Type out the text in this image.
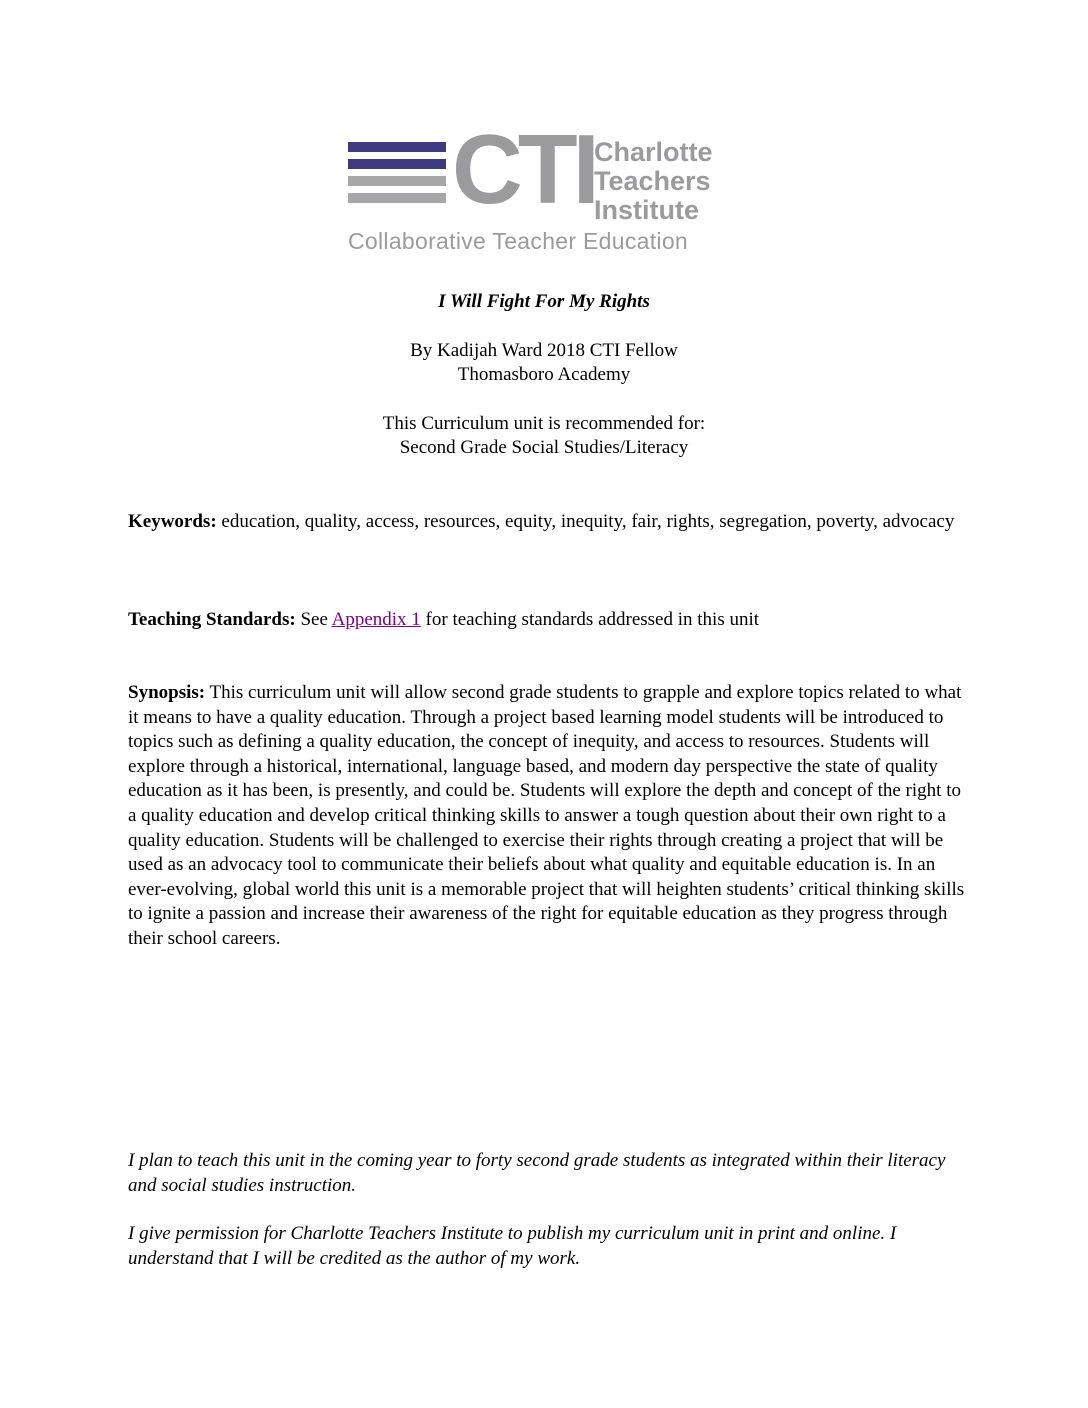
CTI Charlotte
Teachers
Institute
Collaborative Teacher Education
I Will Fight For My Rights
By Kadijah Ward 2018 CTI Fellow
Thomasboro Academy
This Curriculum unit is recommended for:
Second Grade Social Studies/Literacy
Keywords: education, quality, access, resources, equity, inequity, fair, rights, segregation, poverty, advocacy
Teaching Standards: See Appendix 1 for teaching standards addressed in this unit
Synopsis: This curriculum unit will allow second grade students to grapple and explore topics related to what it means to have a quality education. Through a project based learning model students will be introduced to topics such as defining a quality education, the concept of inequity, and access to resources. Students will explore through a historical, international, language based, and modern day perspective the state of quality education as it has been, is presently, and could be. Students will explore the depth and concept of the right to a quality education and develop critical thinking skills to answer a tough question about their own right to a quality education. Students will be challenged to exercise their rights through creating a project that will be used as an advocacy tool to communicate their beliefs about what quality and equitable education is. In an ever-evolving, global world this unit is a memorable project that will heighten students’ critical thinking skills to ignite a passion and increase their awareness of the right for equitable education as they progress through their school careers.
I plan to teach this unit in the coming year to forty second grade students as integrated within their literacy and social studies instruction.
I give permission for Charlotte Teachers Institute to publish my curriculum unit in print and online. I understand that I will be credited as the author of my work.
